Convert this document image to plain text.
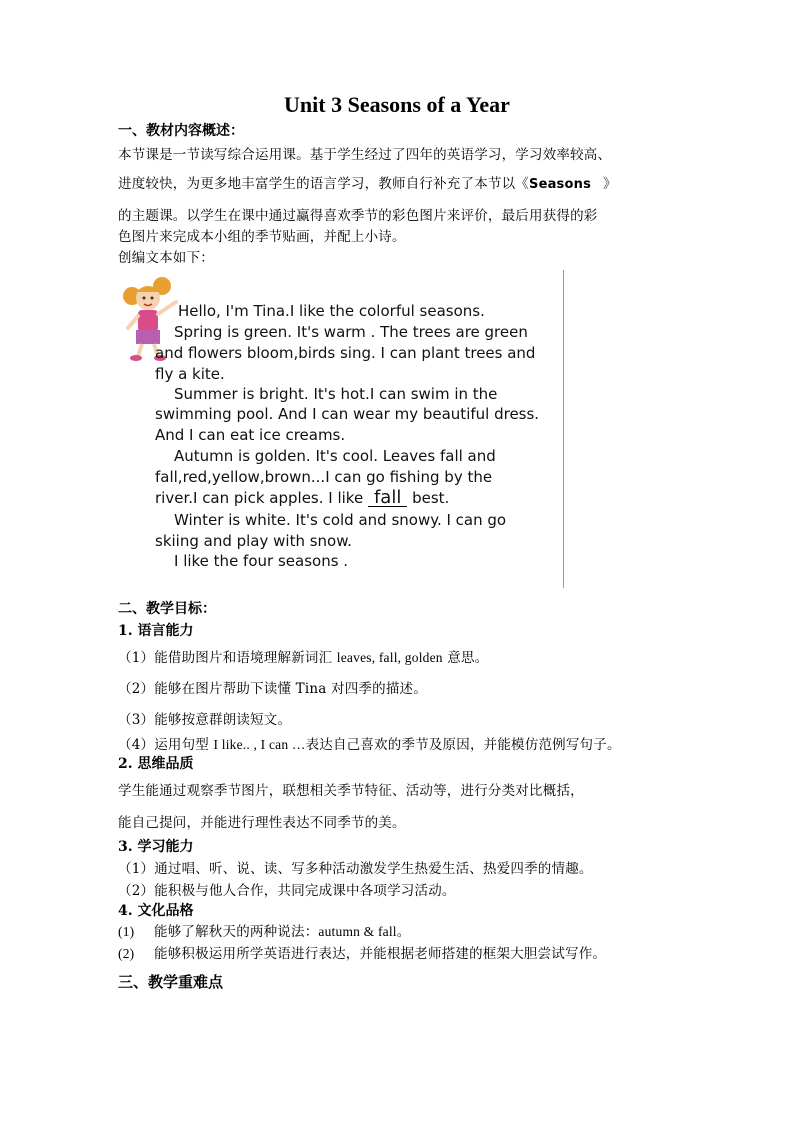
Unit 3 Seasons of a Year
一、教材内容概述：
本节课是一节读写综合运用课。基于学生经过了四年的英语学习，学习效率较高、
进度较快，为更多地丰富学生的语言学习，教师自行补充了本节以《Seasons 》
的主题课。以学生在课中通过赢得喜欢季节的彩色图片来评价，最后用获得的彩
色图片来完成本小组的季节贴画，并配上小诗。
创编文本如下：
Hello, I'm Tina.I like the colorful seasons.
Spring is green. It's warm . The trees are green
and flowers bloom,birds sing. I can plant trees and
fly a kite.
Summer is bright. It's hot.I can swim in the
swimming pool. And I can wear my beautiful dress.
And I can eat ice creams.
Autumn is golden. It's cool. Leaves fall and
fall,red,yellow,brown...I can go fishing by the
river.I can pick apples. I like fall best.
Winter is white. It's cold and snowy. I can go
skiing and play with snow.
I like the four seasons .
二、教学目标：
1. 语言能力
（1）能借助图片和语境理解新词汇 leaves, fall, golden 意思。
（2）能够在图片帮助下读懂 Tina 对四季的描述。
（3）能够按意群朗读短文。
（4）运用句型 I like.. , I can …表达自己喜欢的季节及原因，并能模仿范例写句子。
2. 思维品质
学生能通过观察季节图片，联想相关季节特征、活动等，进行分类对比概括，
能自己提问，并能进行理性表达不同季节的美。
3. 学习能力
（1）通过唱、听、说、读、写多种活动激发学生热爱生活、热爱四季的情趣。
（2）能积极与他人合作，共同完成课中各项学习活动。
4. 文化品格
(1) 能够了解秋天的两种说法：autumn & fall。
(2) 能够积极运用所学英语进行表达，并能根据老师搭建的框架大胆尝试写作。
三、教学重难点
